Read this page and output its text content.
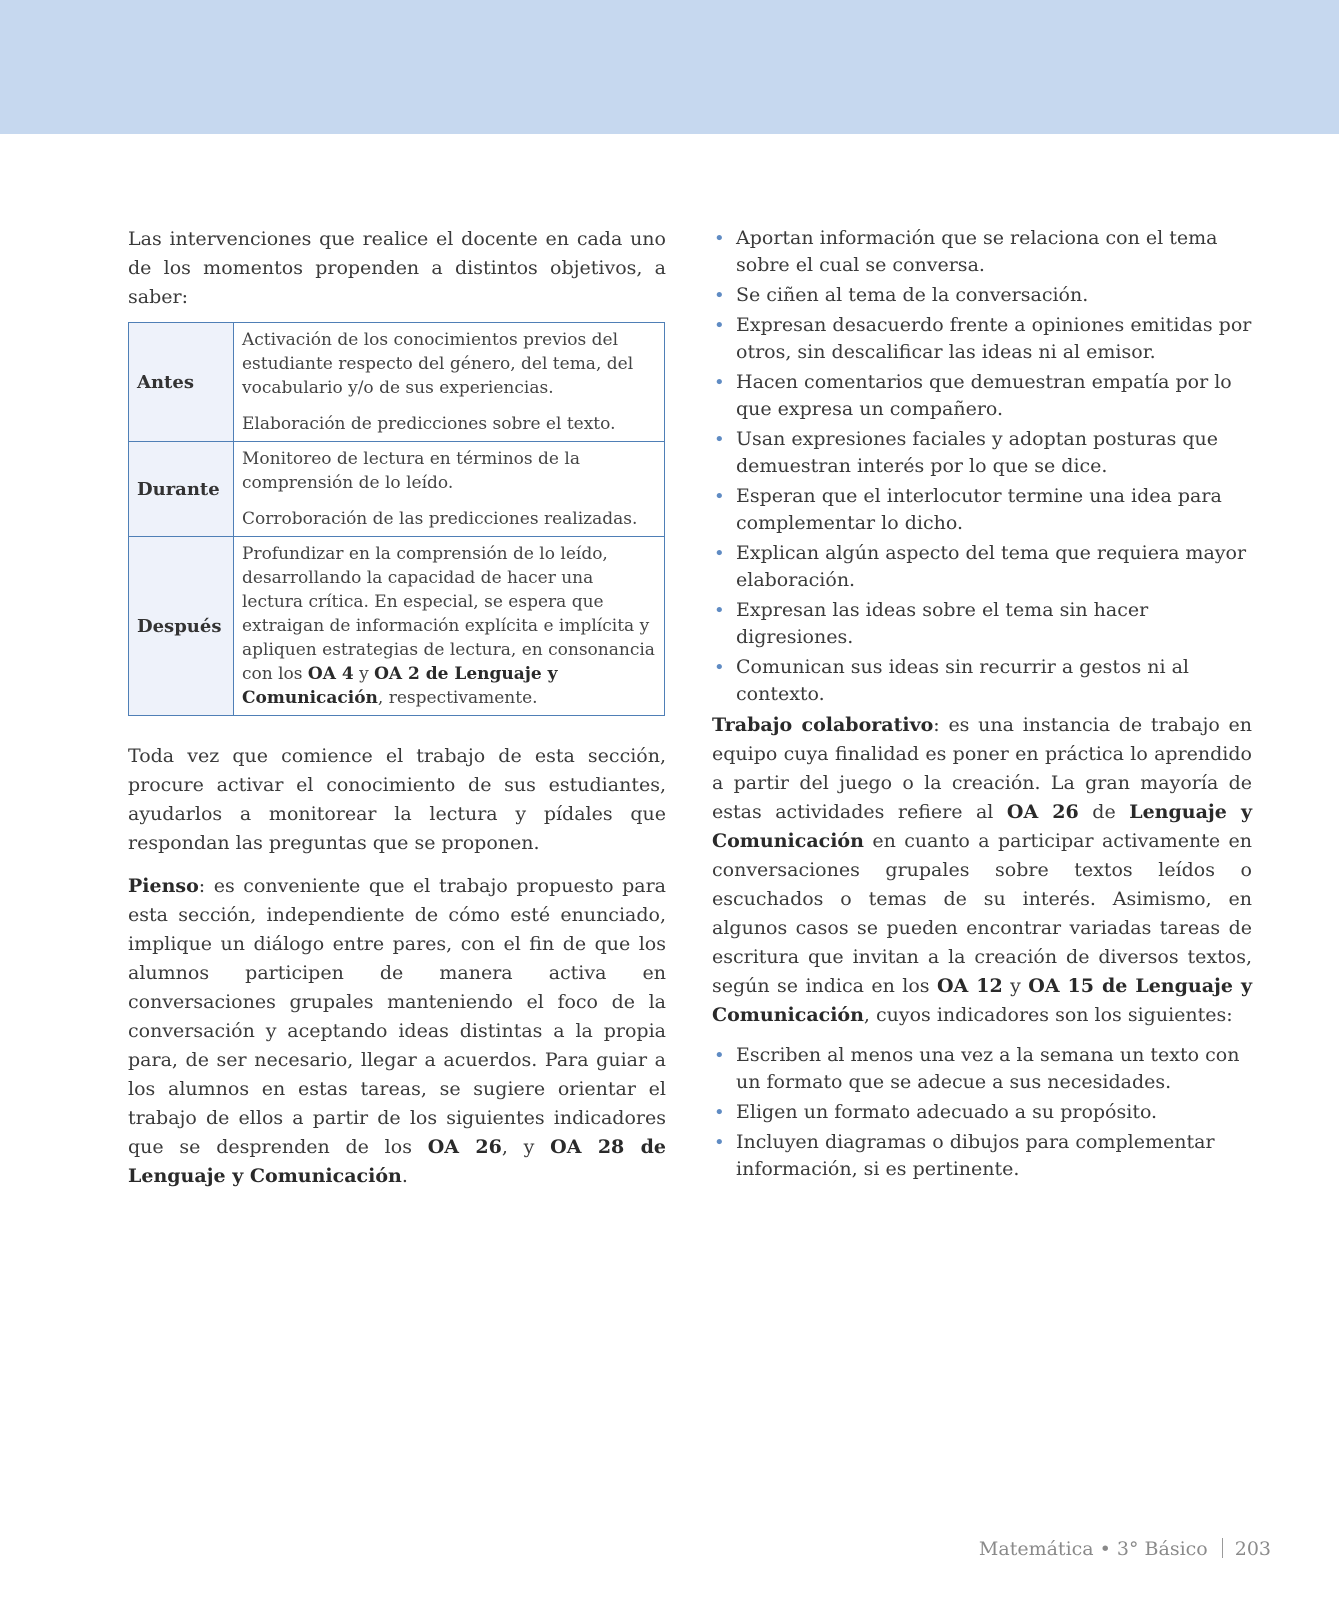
Las intervenciones que realice el docente en cada uno de los momentos propenden a distintos objetivos, a saber:

Antes	Activación de los conocimientos previos del estudiante respecto del género, del tema, del vocabulario y/o de sus experiencias.

Elaboración de predicciones sobre el texto.

Durante	Monitoreo de lectura en términos de la comprensión de lo leído.

Corroboración de las predicciones realizadas.

Después	Profundizar en la comprensión de lo leído, desarrollando la capacidad de hacer una lectura crítica. En especial, se espera que extraigan de información explícita e implícita y apliquen estrategias de lectura, en consonancia con los OA 4 y OA 2 de Lenguaje y Comunicación, respectivamente.

Toda vez que comience el trabajo de esta sección, procure activar el conocimiento de sus estudiantes, ayudarlos a monitorear la lectura y pídales que respondan las preguntas que se proponen.

Pienso: es conveniente que el trabajo propuesto para esta sección, independiente de cómo esté enunciado, implique un diálogo entre pares, con el fin de que los alumnos participen de manera activa en conversaciones grupales manteniendo el foco de la conversación y aceptando ideas distintas a la propia para, de ser necesario, llegar a acuerdos. Para guiar a los alumnos en estas tareas, se sugiere orientar el trabajo de ellos a partir de los siguientes indicadores que se desprenden de los OA 26, y OA 28 de Lenguaje y Comunicación.

• Aportan información que se relaciona con el tema sobre el cual se conversa.
• Se ciñen al tema de la conversación.
• Expresan desacuerdo frente a opiniones emitidas por otros, sin descalificar las ideas ni al emisor.
• Hacen comentarios que demuestran empatía por lo que expresa un compañero.
• Usan expresiones faciales y adoptan posturas que demuestran interés por lo que se dice.
• Esperan que el interlocutor termine una idea para complementar lo dicho.
• Explican algún aspecto del tema que requiera mayor elaboración.
• Expresan las ideas sobre el tema sin hacer digresiones.
• Comunican sus ideas sin recurrir a gestos ni al contexto.

Trabajo colaborativo: es una instancia de trabajo en equipo cuya finalidad es poner en práctica lo aprendido a partir del juego o la creación. La gran mayoría de estas actividades refiere al OA 26 de Lenguaje y Comunicación en cuanto a participar activamente en conversaciones grupales sobre textos leídos o escuchados o temas de su interés. Asimismo, en algunos casos se pueden encontrar variadas tareas de escritura que invitan a la creación de diversos textos, según se indica en los OA 12 y OA 15 de Lenguaje y Comunicación, cuyos indicadores son los siguientes:

• Escriben al menos una vez a la semana un texto con un formato que se adecue a sus necesidades.
• Eligen un formato adecuado a su propósito.
• Incluyen diagramas o dibujos para complementar información, si es pertinente.
Matemática • 3° Básico 203
